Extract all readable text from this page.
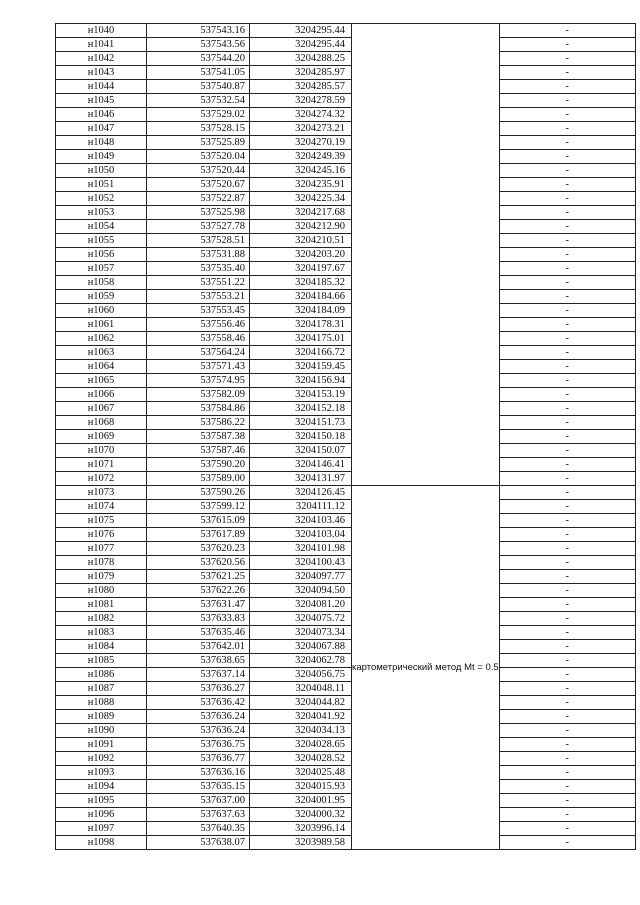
н1040	537543.16	3204295.44		-
н1041	537543.56	3204295.44		-
н1042	537544.20	3204288.25		-
н1043	537541.05	3204285.97		-
н1044	537540.87	3204285.57		-
н1045	537532.54	3204278.59		-
н1046	537529.02	3204274.32		-
н1047	537528.15	3204273.21		-
н1048	537525.89	3204270.19		-
н1049	537520.04	3204249.39		-
н1050	537520.44	3204245.16		-
н1051	537520.67	3204235.91		-
н1052	537522.87	3204225.34		-
н1053	537525.98	3204217.68		-
н1054	537527.78	3204212.90		-
н1055	537528.51	3204210.51		-
н1056	537531.88	3204203.20		-
н1057	537535.40	3204197.67		-
н1058	537551.22	3204185.32		-
н1059	537553.21	3204184.66		-
н1060	537553.45	3204184.09		-
н1061	537556.46	3204178.31		-
н1062	537558.46	3204175.01		-
н1063	537564.24	3204166.72		-
н1064	537571.43	3204159.45		-
н1065	537574.95	3204156.94		-
н1066	537582.09	3204153.19		-
н1067	537584.86	3204152.18		-
н1068	537586.22	3204151.73		-
н1069	537587.38	3204150.18		-
н1070	537587.46	3204150.07		-
н1071	537590.20	3204146.41		-
н1072	537589.00	3204131.97		-
н1073	537590.26	3204126.45	картометрический метод Mt = 0.5	-
н1074	537599.12	3204111.12		-
н1075	537615.09	3204103.46		-
н1076	537617.89	3204103.04		-
н1077	537620.23	3204101.98		-
н1078	537620.56	3204100.43		-
н1079	537621.25	3204097.77		-
н1080	537622.26	3204094.50		-
н1081	537631.47	3204081.20		-
н1082	537633.83	3204075.72		-
н1083	537635.46	3204073.34		-
н1084	537642.01	3204067.88		-
н1085	537638.65	3204062.78		-
н1086	537637.14	3204056.75		-
н1087	537636.27	3204048.11		-
н1088	537636.42	3204044.82		-
н1089	537636.24	3204041.92		-
н1090	537636.24	3204034.13		-
н1091	537636.75	3204028.65		-
н1092	537636.77	3204028.52		-
н1093	537636.16	3204025.48		-
н1094	537635.15	3204015.93		-
н1095	537637.00	3204001.95		-
н1096	537637.63	3204000.32		-
н1097	537640.35	3203996.14		-
н1098	537638.07	3203989.58		-
